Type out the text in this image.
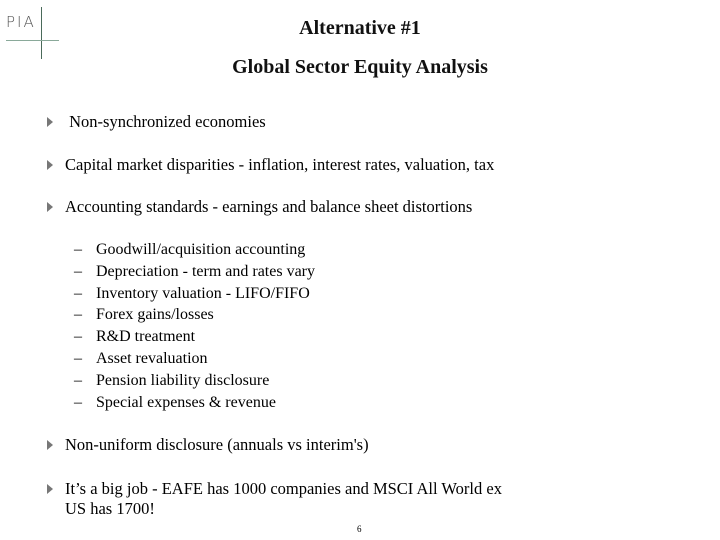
PIA	Alternative #1
Global Sector Equity Analysis
Non-synchronized economies
Capital market disparities - inflation, interest rates, valuation, tax
Accounting standards - earnings and balance sheet distortions
– Goodwill/acquisition accounting
– Depreciation - term and rates vary
– Inventory valuation - LIFO/FIFO
– Forex gains/losses
– R&D treatment
– Asset revaluation
– Pension liability disclosure
– Special expenses & revenue
Non-uniform disclosure (annuals vs interim's)
It’s a big job - EAFE has 1000 companies and MSCI All World ex US has 1700!
6
